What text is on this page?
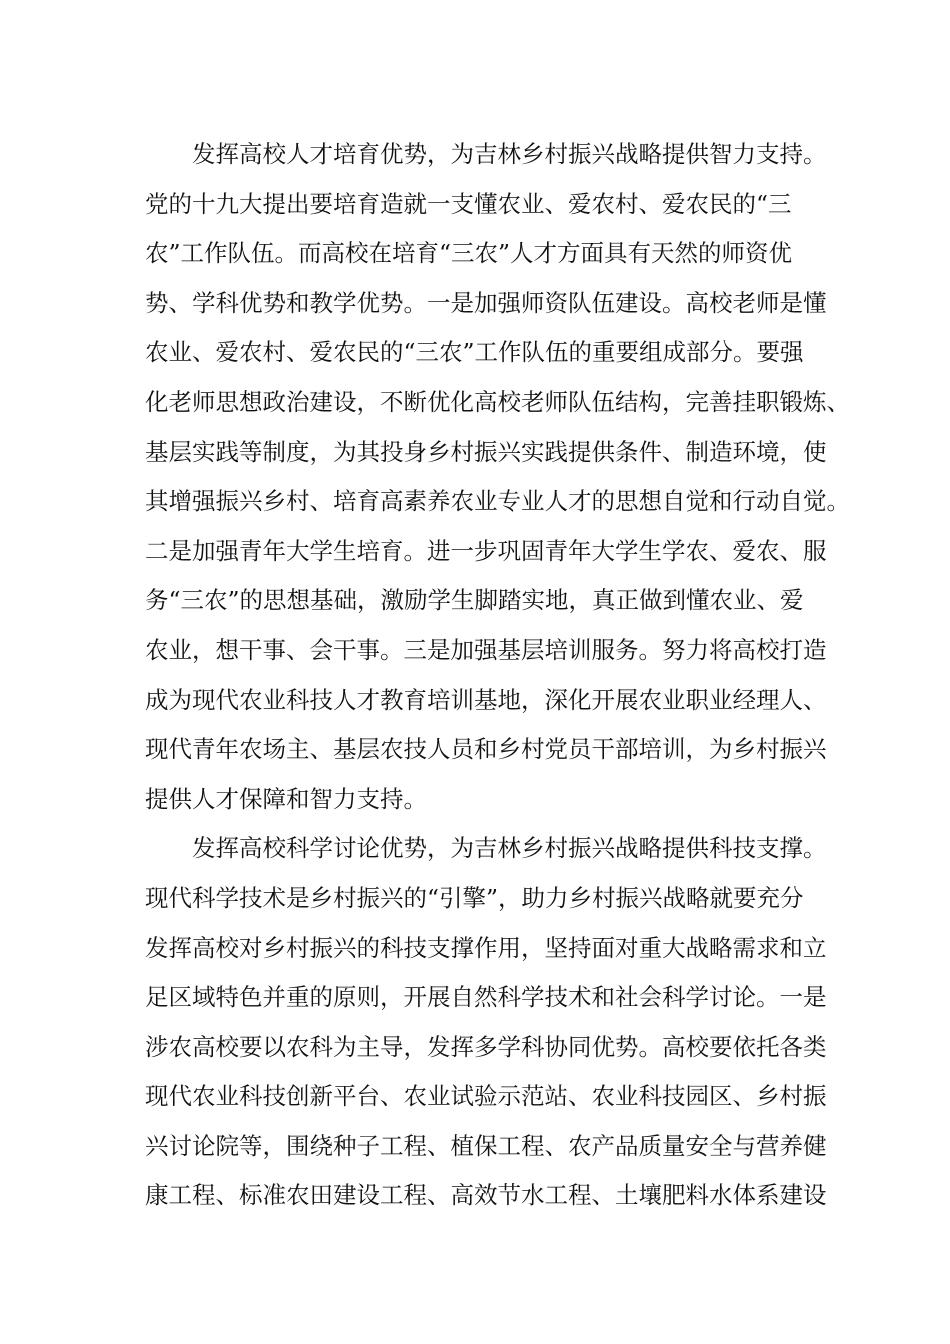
发挥高校人才培育优势，为吉林乡村振兴战略提供智力支持。
党的十九大提出要培育造就一支懂农业、爱农村、爱农民的“三
农”工作队伍。而高校在培育“三农”人才方面具有天然的师资优
势、学科优势和教学优势。一是加强师资队伍建设。高校老师是懂
农业、爱农村、爱农民的“三农”工作队伍的重要组成部分。要强
化老师思想政治建设，不断优化高校老师队伍结构，完善挂职锻炼、
基层实践等制度，为其投身乡村振兴实践提供条件、制造环境，使
其增强振兴乡村、培育高素养农业专业人才的思想自觉和行动自觉。
二是加强青年大学生培育。进一步巩固青年大学生学农、爱农、服
务“三农”的思想基础，激励学生脚踏实地，真正做到懂农业、爱
农业，想干事、会干事。三是加强基层培训服务。努力将高校打造
成为现代农业科技人才教育培训基地，深化开展农业职业经理人、
现代青年农场主、基层农技人员和乡村党员干部培训，为乡村振兴
提供人才保障和智力支持。
发挥高校科学讨论优势，为吉林乡村振兴战略提供科技支撑。
现代科学技术是乡村振兴的“引擎”，助力乡村振兴战略就要充分
发挥高校对乡村振兴的科技支撑作用，坚持面对重大战略需求和立
足区域特色并重的原则，开展自然科学技术和社会科学讨论。一是
涉农高校要以农科为主导，发挥多学科协同优势。高校要依托各类
现代农业科技创新平台、农业试验示范站、农业科技园区、乡村振
兴讨论院等，围绕种子工程、植保工程、农产品质量安全与营养健
康工程、标准农田建设工程、高效节水工程、土壤肥料水体系建设
